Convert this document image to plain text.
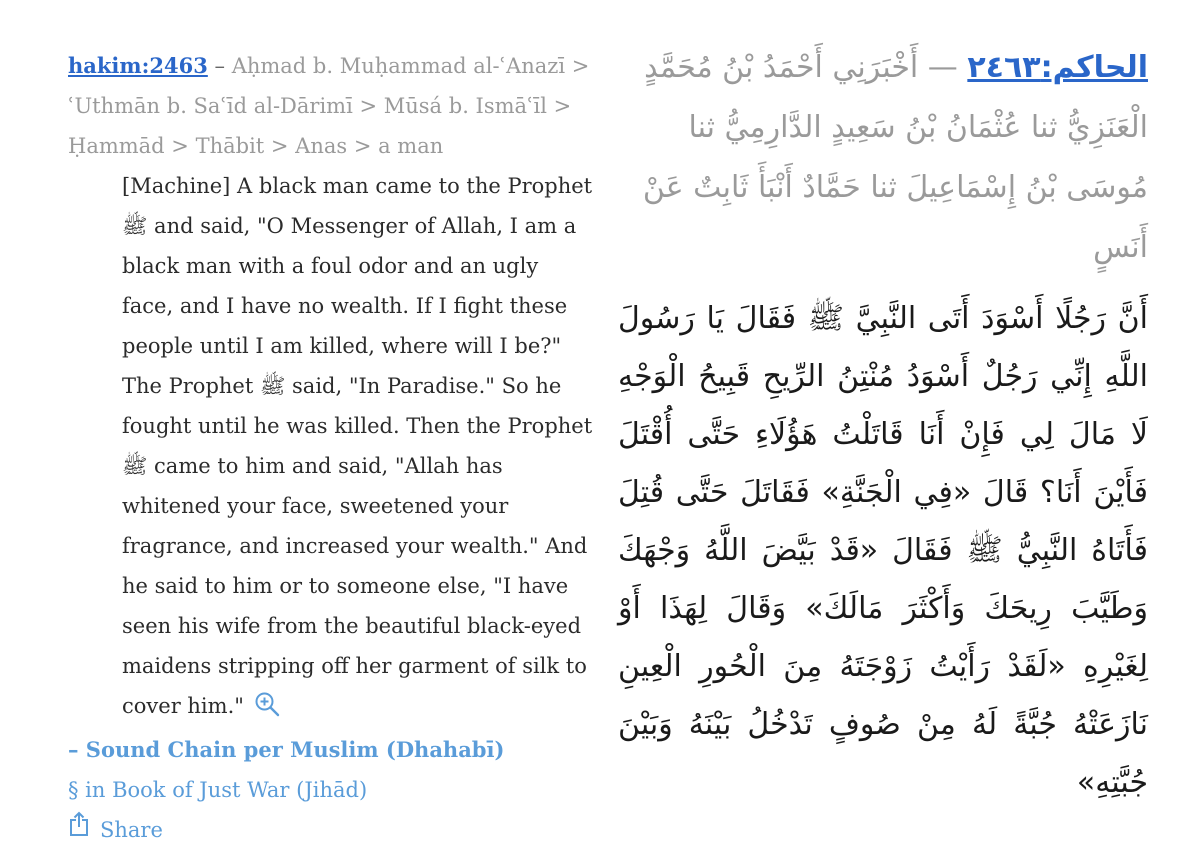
hakim:2463 – Aḥmad b. Muḥammad al-ʿAnazī > ʿUthmān b. Saʿīd al-Dārimī > Mūsá b. Ismāʿīl > Ḥammād > Thābit > Anas > a man

[Machine] A black man came to the Prophet ﷺ and said, "O Messenger of Allah, I am a black man with a foul odor and an ugly face, and I have no wealth. If I fight these people until I am killed, where will I be?" The Prophet ﷺ said, "In Paradise." So he fought until he was killed. Then the Prophet ﷺ came to him and said, "Allah has whitened your face, sweetened your fragrance, and increased your wealth." And he said to him or to someone else, "I have seen his wife from the beautiful black-eyed maidens stripping off her garment of silk to cover him."

– Sound Chain per Muslim (Dhahabī)

§ in Book of Just War (Jihād)

Share

الحاكم:٢٤٦٣ — أَخْبَرَنِي أَحْمَدُ بْنُ مُحَمَّدٍ الْعَنَزِيُّ ثنا عُثْمَانُ بْنُ سَعِيدٍ الدَّارِمِيُّ ثنا مُوسَى بْنُ إِسْمَاعِيلَ ثنا حَمَّادٌ أَنْبَأَ ثَابِتٌ عَنْ أَنَسٍ

أَنَّ رَجُلًا أَسْوَدَ أَتَى النَّبِيَّ ﷺ فَقَالَ يَا رَسُولَ اللَّهِ إِنِّي رَجُلٌ أَسْوَدُ مُنْتِنُ الرِّيحِ قَبِيحُ الْوَجْهِ لَا مَالَ لِي فَإِنْ أَنَا قَاتَلْتُ هَؤُلَاءِ حَتَّى أُقْتَلَ فَأَيْنَ أَنَا؟ قَالَ «فِي الْجَنَّةِ» فَقَاتَلَ حَتَّى قُتِلَ فَأَتَاهُ النَّبِيُّ ﷺ فَقَالَ «قَدْ بَيَّضَ اللَّهُ وَجْهَكَ وَطَيَّبَ رِيحَكَ وَأَكْثَرَ مَالَكَ» وَقَالَ لِهَذَا أَوْ لِغَيْرِهِ «لَقَدْ رَأَيْتُ زَوْجَتَهُ مِنَ الْحُورِ الْعِينِ نَازَعَتْهُ جُبَّةً لَهُ مِنْ صُوفٍ تَدْخُلُ بَيْنَهُ وَبَيْنَ جُبَّتِهِ»
